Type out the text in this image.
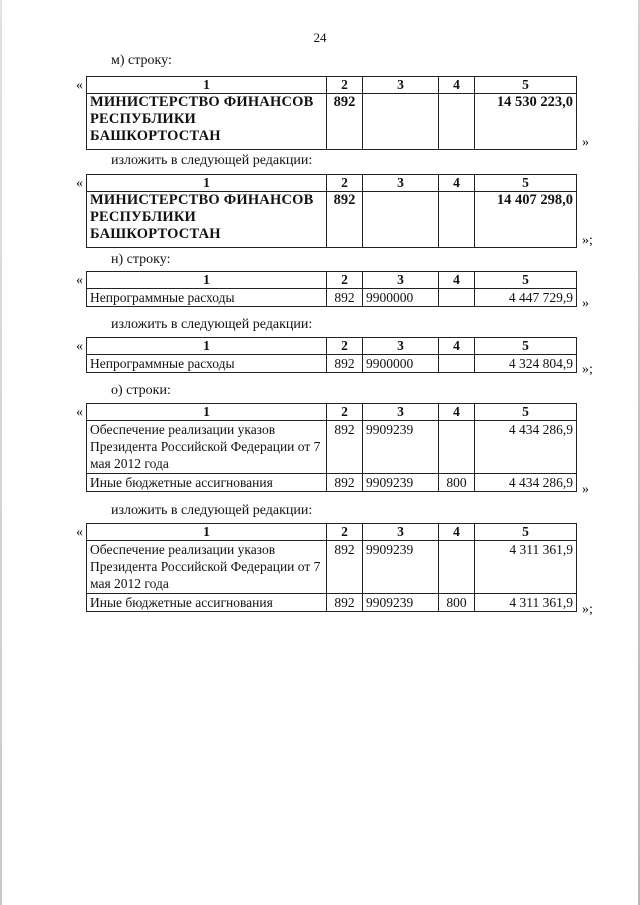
24
м) строку:
«	1	2	3	4	5
МИНИСТЕРСТВО ФИНАНСОВ РЕСПУБЛИКИ БАШКОРТОСТАН	892			14 530 223,0
»
изложить в следующей редакции:
«	1	2	3	4	5
МИНИСТЕРСТВО ФИНАНСОВ РЕСПУБЛИКИ БАШКОРТОСТАН	892			14 407 298,0
»;
н) строку:
«	1	2	3	4	5
Непрограммные расходы	892	9900000		4 447 729,9 »
изложить в следующей редакции:
«	1	2	3	4	5
Непрограммные расходы	892	9900000		4 324 804,9 »;
о) строки:
«	1	2	3	4	5
Обеспечение реализации указов Президента Российской Федерации от 7 мая 2012 года	892	9909239		4 434 286,9
Иные бюджетные ассигнования	892	9909239	800	4 434 286,9 »
изложить в следующей редакции:
«	1	2	3	4	5
Обеспечение реализации указов Президента Российской Федерации от 7 мая 2012 года	892	9909239		4 311 361,9
Иные бюджетные ассигнования	892	9909239	800	4 311 361,9 »;
